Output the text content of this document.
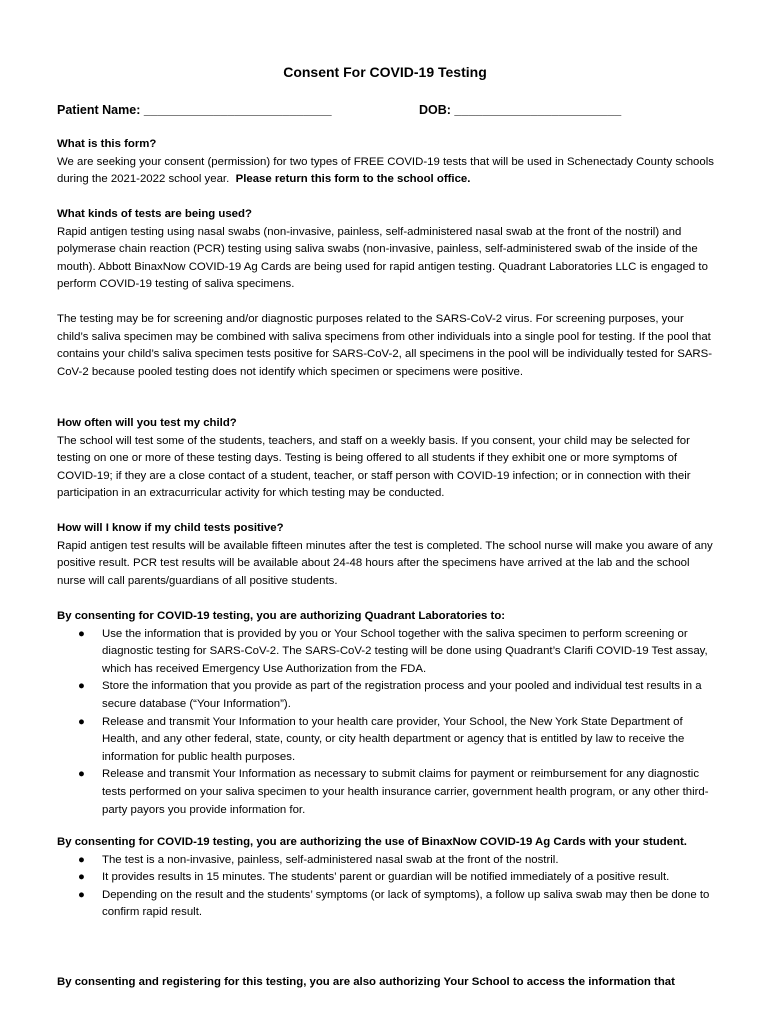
Consent For COVID-19 Testing
Patient Name: ___________________________	DOB: ________________________

What is this form?

We are seeking your consent (permission) for two types of FREE COVID-19 tests that will be used in Schenectady County schools during the 2021-2022 school year. Please return this form to the school office.

What kinds of tests are being used?

Rapid antigen testing using nasal swabs (non-invasive, painless, self-administered nasal swab at the front of the nostril) and polymerase chain reaction (PCR) testing using saliva swabs (non-invasive, painless, self-administered swab of the inside of the mouth). Abbott BinaxNow COVID-19 Ag Cards are being used for rapid antigen testing. Quadrant Laboratories LLC is engaged to perform COVID-19 testing of saliva specimens.

The testing may be for screening and/or diagnostic purposes related to the SARS-CoV-2 virus. For screening purposes, your child’s saliva specimen may be combined with saliva specimens from other individuals into a single pool for testing. If the pool that contains your child’s saliva specimen tests positive for SARS-CoV-2, all specimens in the pool will be individually tested for SARS-CoV-2 because pooled testing does not identify which specimen or specimens were positive.

How often will you test my child?

The school will test some of the students, teachers, and staff on a weekly basis. If you consent, your child may be selected for testing on one or more of these testing days. Testing is being offered to all students if they exhibit one or more symptoms of COVID-19; if they are a close contact of a student, teacher, or staff person with COVID-19 infection; or in connection with their participation in an extracurricular activity for which testing may be conducted.

How will I know if my child tests positive?

Rapid antigen test results will be available fifteen minutes after the test is completed. The school nurse will make you aware of any positive result. PCR test results will be available about 24-48 hours after the specimens have arrived at the lab and the school nurse will call parents/guardians of all positive students.

By consenting for COVID-19 testing, you are authorizing Quadrant Laboratories to:

● Use the information that is provided by you or Your School together with the saliva specimen to perform screening or diagnostic testing for SARS-CoV-2. The SARS-CoV-2 testing will be done using Quadrant’s Clarifi COVID-19 Test assay, which has received Emergency Use Authorization from the FDA.
● Store the information that you provide as part of the registration process and your pooled and individual test results in a secure database (“Your Information”).
● Release and transmit Your Information to your health care provider, Your School, the New York State Department of Health, and any other federal, state, county, or city health department or agency that is entitled by law to receive the information for public health purposes.
● Release and transmit Your Information as necessary to submit claims for payment or reimbursement for any diagnostic tests performed on your saliva specimen to your health insurance carrier, government health program, or any other third-party payors you provide information for.

By consenting for COVID-19 testing, you are authorizing the use of BinaxNow COVID-19 Ag Cards with your student.

● The test is a non-invasive, painless, self-administered nasal swab at the front of the nostril.
● It provides results in 15 minutes. The students’ parent or guardian will be notified immediately of a positive result.
● Depending on the result and the students’ symptoms (or lack of symptoms), a follow up saliva swab may then be done to confirm rapid result.

By consenting and registering for this testing, you are also authorizing Your School to access the information that
